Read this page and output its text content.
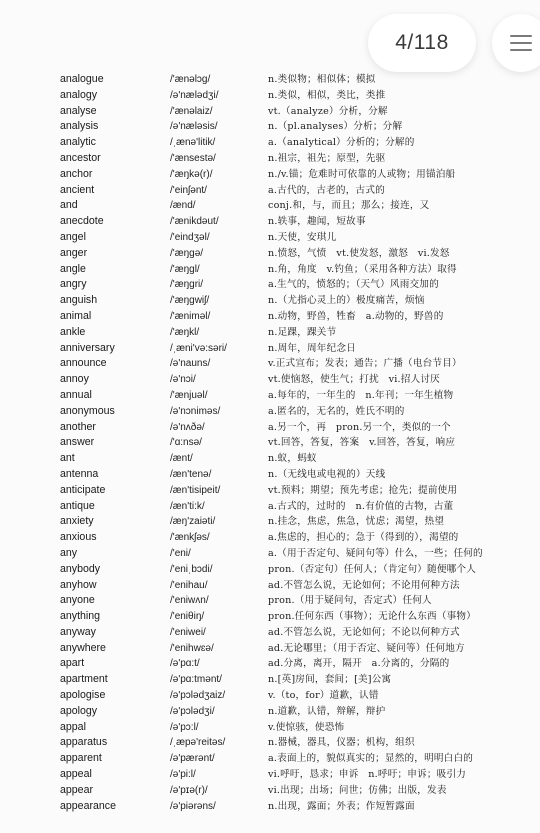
analogue	/'ænəlɔg/	n.类似物；相似体；模拟
analogy	/ə'nælədʒi/	n.类似，相似，类比，类推
analyse	/'ænəlaiz/	vt.（analyze）分析，分解
analysis	/ə'næləsis/	n.（pl.analyses）分析；分解
analytic	/ˌænə'litik/	a.（analytical）分析的；分解的
ancestor	/'ænsestə/	n.祖宗，祖先；原型，先驱
anchor	/'æŋkə(r)/	n./v.锚；危难时可依靠的人或物；用锚泊船
ancient	/'einʃənt/	a.古代的，古老的，古式的
and	/ænd/	conj.和，与，而且；那么；接连，又
anecdote	/'ænikdəut/	n.轶事，趣闻，短故事
angel	/'eindʒəl/	n.天使，安琪儿
anger	/'æŋgə/	n.愤怒，气愤　vt.使发怒，激怒　vi.发怒
angle	/'æŋgl/	n.角，角度　v.钓鱼；（采用各种方法）取得
angry	/'æŋgri/	a.生气的，愤怒的；（天气）风雨交加的
anguish	/'æŋgwiʃ/	n.（尤指心灵上的）极度痛苦，烦恼
animal	/'æniməl/	n.动物，野兽，牲畜　a.动物的，野兽的
ankle	/'æŋkl/	n.足踝，踝关节
anniversary	/ˌæni'və:səri/	n.周年，周年纪念日
announce	/ə'nauns/	v.正式宣布；发表；通告；广播（电台节目）
annoy	/ə'nɔi/	vt.使恼怒，使生气；打扰　vi.招人讨厌
annual	/'ænjuəl/	a.每年的，一年生的　n.年刊；一年生植物
anonymous	/ə'nɔniməs/	a.匿名的，无名的，姓氏不明的
another	/ə'nʌðə/	a.另一个，再　pron.另一个，类似的一个
answer	/'ɑ:nsə/	vt.回答，答复，答案　v.回答，答复，响应
ant	/ænt/	n.蚁，蚂蚁
antenna	/æn'tenə/	n.（无线电或电视的）天线
anticipate	/æn'tisipeit/	vt.预料；期望；预先考虑；抢先；提前使用
antique	/æn'ti:k/	a.古式的，过时的　n.有价值的古物，古董
anxiety	/æŋ'zaiəti/	n.挂念，焦虑，焦急，忧虑；渴望，热望
anxious	/'ænkʃəs/	a.焦虑的，担心的；急于（得到的），渴望的
any	/'eni/	a.（用于否定句、疑问句等）什么，一些；任何的
anybody	/'eniˌbɔdi/	pron.（否定句）任何人；（肯定句）随便哪个人
anyhow	/'enihau/	ad.不管怎么说，无论如何；不论用何种方法
anyone	/'eniwʌn/	pron.（用于疑问句，否定式）任何人
anything	/'eniθiŋ/	pron.任何东西（事物）；无论什么东西（事物）
anyway	/'eniwei/	ad.不管怎么说，无论如何；不论以何种方式
anywhere	/'enihwɛə/	ad.无论哪里；（用于否定、疑问等）任何地方
apart	/ə'pɑ:t/	ad.分离，离开，隔开　a.分离的，分隔的
apartment	/ə'pɑ:tmənt/	n.[英]房间，套间；[美]公寓
apologise	/ə'pɔlədʒaiz/	v.（to，for）道歉，认错
apology	/ə'pɔlədʒi/	n.道歉，认错，辩解，辩护
appal	/ə'pɔ:l/	v.使惊骇，使恐怖
apparatus	/ˌæpə'reitəs/	n.器械，器具，仪器；机构，组织
apparent	/ə'pærənt/	a.表面上的，貌似真实的；显然的，明明白白的
appeal	/ə'pi:l/	vi.呼吁，恳求；申诉　n.呼吁；申诉；吸引力
appear	/ə'pɪə(r)/	vi.出现；出场；问世；仿佛；出版，发表
appearance	/ə'piərəns/	n.出现，露面；外表；作短暂露面
4/118
